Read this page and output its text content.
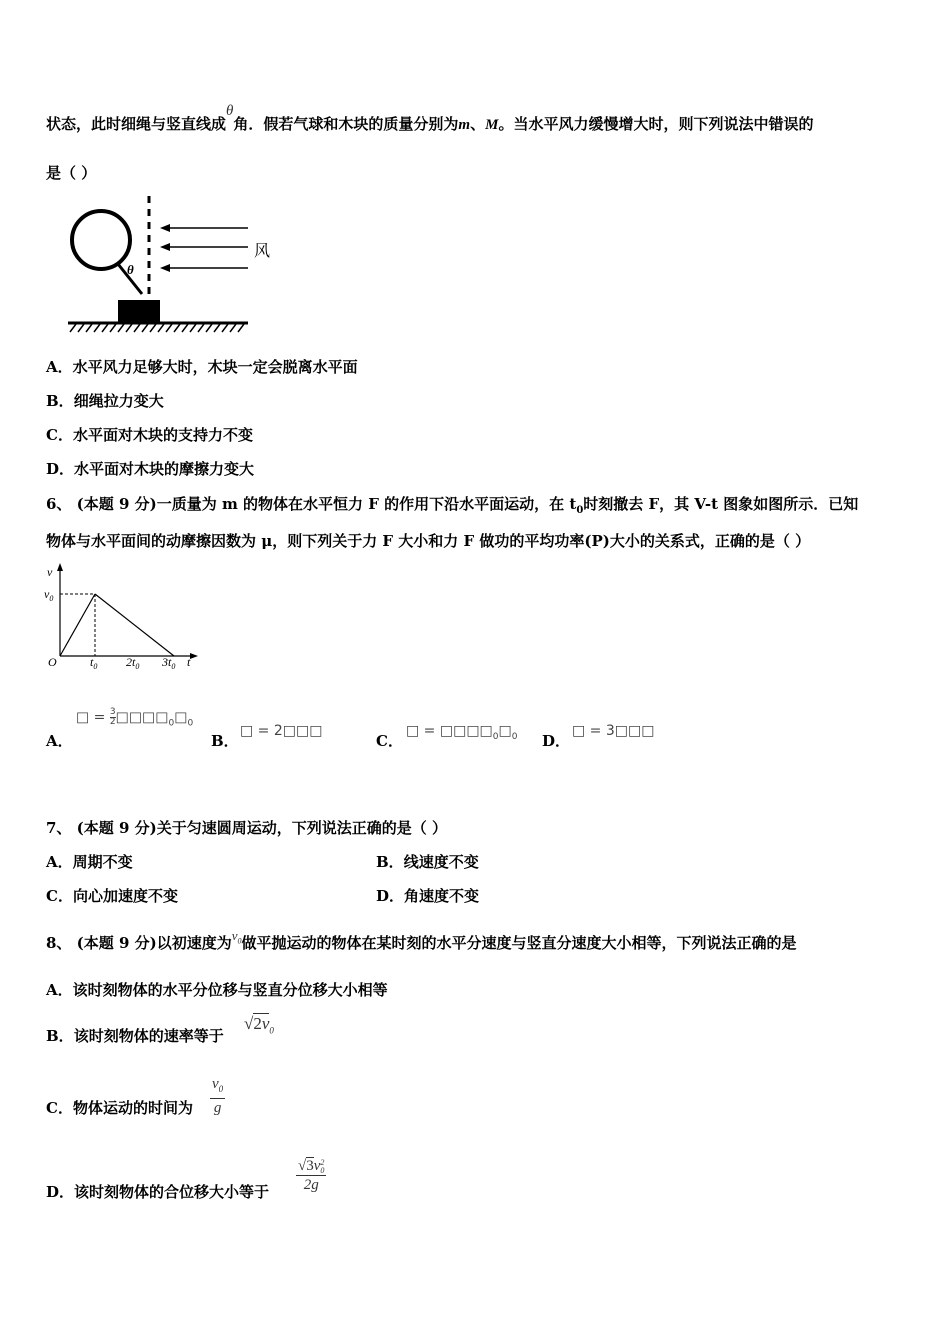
状态，此时细绳与竖直线成θ角．假若气球和木块的质量分别为m、M。当水平风力缓慢增大时，则下列说法中错误的
是（ ）
θ
风
A．水平风力足够大时，木块一定会脱离水平面
B．细绳拉力变大
C．水平面对木块的支持力不变
D．水平面对木块的摩擦力变大
6、 (本题 9 分)一质量为 m 的物体在水平恒力 F 的作用下沿水平面运动，在 $t_0$时刻撤去 F，其 V-t 图象如图所示．已知
物体与水平面间的动摩擦因数为 μ，则下列关于力 F 大小和力 F 做功的平均功率(P)大小的关系式，正确的是（ ）
v
$v_0$
O	$t_0$ $2t_0$ $3t_0$ t
A．
□ = $\frac{3}{2}$ $□□□□_0□_0$
B．
□ = 2□□□
C．
□ = $□□□□_0□_0$ D．
□ = 3□□□
7、 (本题 9 分)关于匀速圆周运动，下列说法正确的是（ ）
A．周期不变	B．线速度不变
C．向心加速度不变	D．角速度不变
8、 (本题 9 分)以初速度为$v_0$做平抛运动的物体在某时刻的水平分速度与竖直分速度大小相等，下列说法正确的是
A．该时刻物体的水平分位移与竖直分位移大小相等
B．该时刻物体的速率等于
$√2v_0$
C．物体运动的时间为 $\frac{v_0}{g}$
D．该时刻物体的合位移大小等于 √3v 2
0
2g
